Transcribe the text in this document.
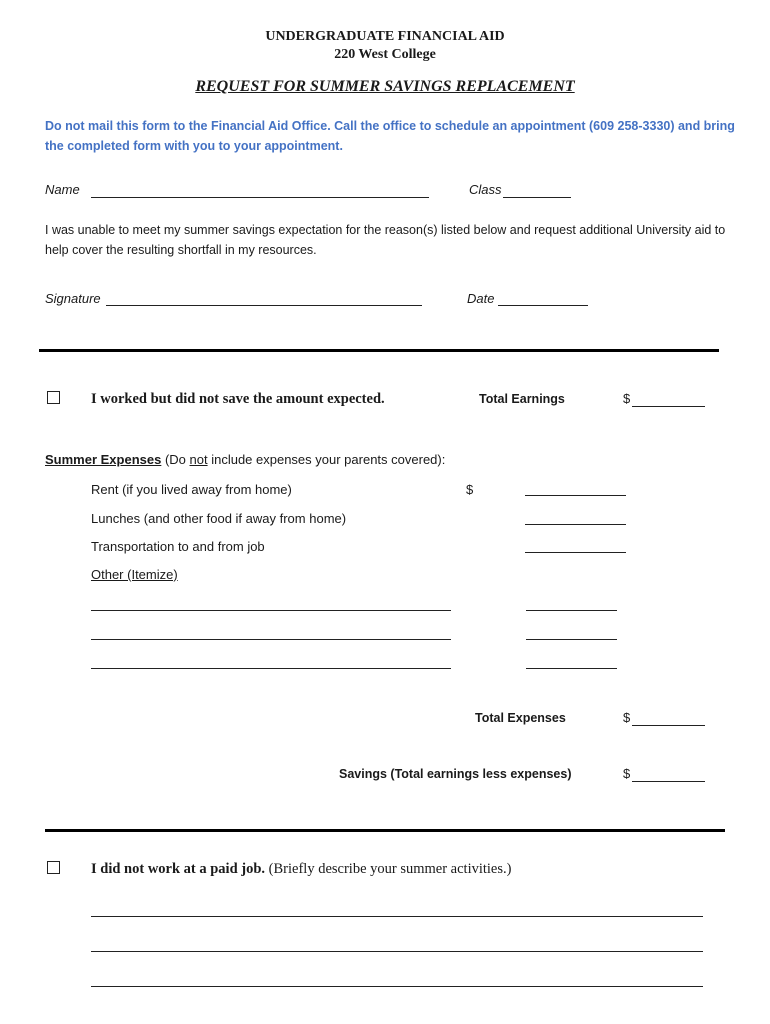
UNDERGRADUATE FINANCIAL AID
220 West College
REQUEST FOR SUMMER SAVINGS REPLACEMENT
Do not mail this form to the Financial Aid Office. Call the office to schedule an appointment (609 258-3330) and bring the completed form with you to your appointment.
Name	Class
I was unable to meet my summer savings expectation for the reason(s) listed below and request additional University aid to help cover the resulting shortfall in my resources.
Signature	Date
I worked but did not save the amount expected.	Total Earnings	$
Summer Expenses (Do not include expenses your parents covered):
Rent (if you lived away from home)	$
Lunches (and other food if away from home)
Transportation to and from job
Other (Itemize)
Total Expenses	$
Savings (Total earnings less expenses)	$
I did not work at a paid job. (Briefly describe your summer activities.)
